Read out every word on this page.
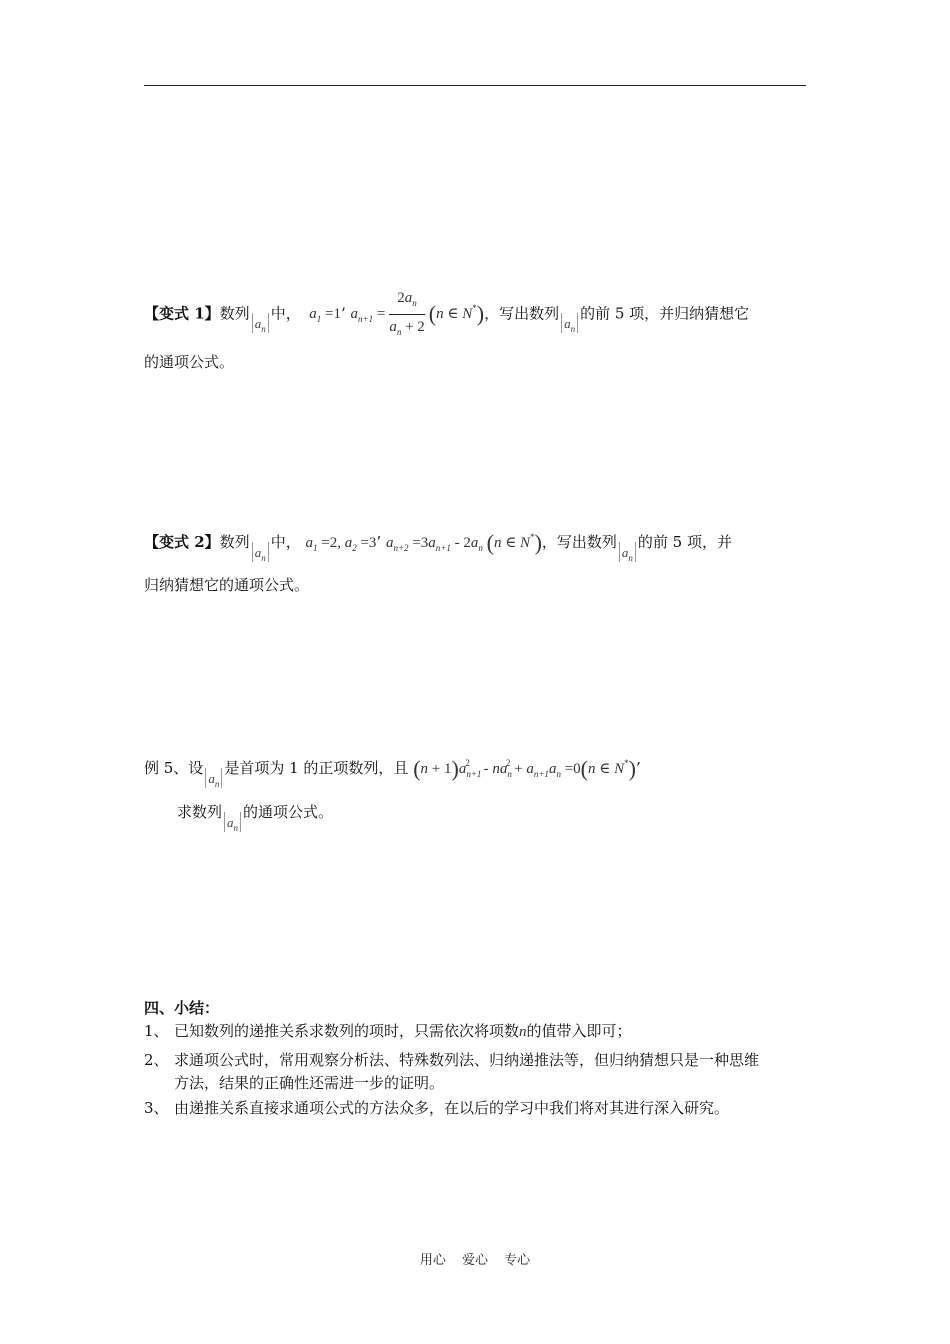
【变式 1】数列$a_n$中，  $a_1 =1$’ $a_{n+1} = \frac{2a_n}{a_n + 2} (n$ ∈ N*)，写出数列$a_n$的前 5 项，并归纳猜想它
的通项公式。
【变式 2】数列$a_n$中， $a_1 =2$, $a_2 =3$’ $a_{n+2} =3a_{n+1} - 2a_n$ (n ∈ N*)，写出数列$a_n$的前 5 项，并
归纳猜想它的通项公式。
例 5、设$a_n$是首项为 1 的正项数列，且 $(n + 1)a_{n+1}^2 - na_n^2 + a_{n+1}a_n =0(n$ ∈ N*)’
求数列$a_n$的通项公式。
四、小结：
1、 已知数列的递推关系求数列的项时，只需依次将项数n的值带入即可；
2、 求通项公式时，常用观察分析法、特殊数列法、归纳递推法等，但归纳猜想只是一种思维
方法，结果的正确性还需进一步的证明。
3、 由递推关系直接求通项公式的方法众多，在以后的学习中我们将对其进行深入研究。
用心 爱心 专心
